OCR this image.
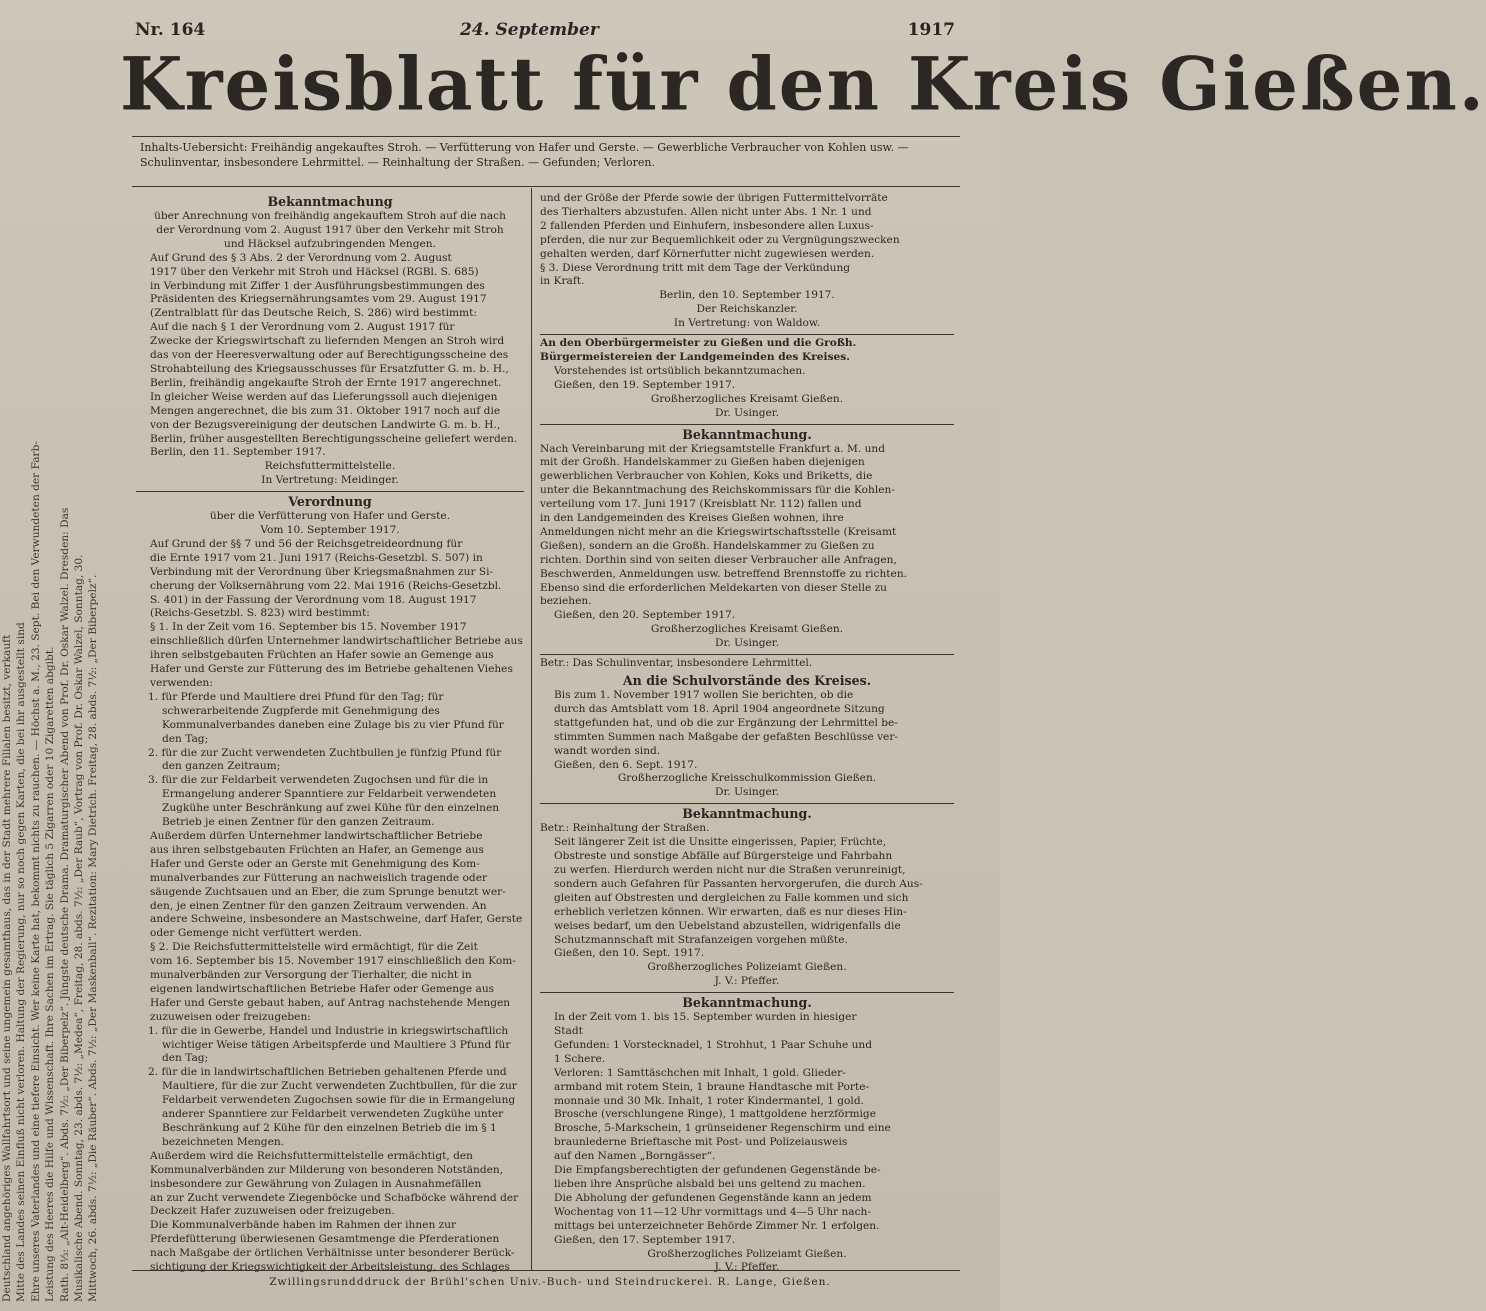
Deutschland angehöriges Wallfahrtsort und seine ungemein gesamthaus, das in der Stadt mehrere Filialen besitzt, verkauft Mitte des Landes seinen Einfluß nicht verloren. Haltung der Regierung, nur so noch gegen Karten, die bei ihr ausgestellt sind Ehre unseres Vaterlandes und eine tiefere Einsicht. Wer keine Karte hat, bekommt nichts zu rauchen. — Höchst a. M., 23. Sept. Bei den Verwundeten der Farb- Leistung des Heeres die Hilfe und Wissenschaft. Ihre Sachen im Ertrag. Sie täglich 5 Zigarren oder 10 Zigaretten abgibt. Rath. 8⅓: „Alt-Heidelberg“. Abds. 7½: „Der Biberpelz“. Jüngste deutsche Drama. Dramaturgischer Abend von Prof. Dr. Oskar Walzel. Dresden: Das Musikalische Abend. Sonntag, 23. abds. 7½: „Medea“, Freitag, 28. abds. 7½: „Der Raub“, Vortrag von Prof. Dr. Oskar Walzel, Sonntag, 30. Mittwoch, 26. abds. 7½: „Die Räuber“. Abds. 7½: „Der Maskenball“. Rezitation: Mary Dietrich. Freitag, 28. abds. 7½: „Der Biberpelz“.

Nr. 164	24. September	1917
Kreisblatt für den Kreis Gießen.
Inhalts-Uebersicht: Freihändig angekauftes Stroh. — Verfütterung von Hafer und Gerste. — Gewerbliche Verbraucher von Kohlen usw. — Schulinventar, insbesondere Lehrmittel. — Reinhaltung der Straßen. — Gefunden; Verloren.

Bekanntmachung

über Anrechnung von freihändig angekauftem Stroh auf die nach

der Verordnung vom 2. August 1917 über den Verkehr mit Stroh

und Häcksel aufzubringenden Mengen.

Auf Grund des § 3 Abs. 2 der Verordnung vom 2. August

1917 über den Verkehr mit Stroh und Häcksel (RGBl. S. 685)

in Verbindung mit Ziffer 1 der Ausführungsbestimmungen des

Präsidenten des Kriegsernährungsamtes vom 29. August 1917

(Zentralblatt für das Deutsche Reich, S. 286) wird bestimmt:

Auf die nach § 1 der Verordnung vom 2. August 1917 für

Zwecke der Kriegswirtschaft zu liefernden Mengen an Stroh wird

das von der Heeresverwaltung oder auf Berechtigungsscheine des

Strohabteilung des Kriegsausschusses für Ersatzfutter G. m. b. H.,

Berlin, freihändig angekaufte Stroh der Ernte 1917 angerechnet.

In gleicher Weise werden auf das Lieferungssoll auch diejenigen

Mengen angerechnet, die bis zum 31. Oktober 1917 noch auf die

von der Bezugsvereinigung der deutschen Landwirte G. m. b. H.,

Berlin, früher ausgestellten Berechtigungsscheine geliefert werden.

Berlin, den 11. September 1917.

Reichsfuttermittelstelle.

In Vertretung: Meidinger.

Verordnung

über die Verfütterung von Hafer und Gerste.

Vom 10. September 1917.

Auf Grund der §§ 7 und 56 der Reichsgetreideordnung für

die Ernte 1917 vom 21. Juni 1917 (Reichs-Gesetzbl. S. 507) in

Verbindung mit der Verordnung über Kriegsmaßnahmen zur Si-

cherung der Volksernährung vom 22. Mai 1916 (Reichs-Gesetzbl.

S. 401) in der Fassung der Verordnung vom 18. August 1917

(Reichs-Gesetzbl. S. 823) wird bestimmt:

§ 1. In der Zeit vom 16. September bis 15. November 1917

einschließlich dürfen Unternehmer landwirtschaftlicher Betriebe aus

ihren selbstgebauten Früchten an Hafer sowie an Gemenge aus

Hafer und Gerste zur Fütterung des im Betriebe gehaltenen Viehes

verwenden:

1. für Pferde und Maultiere drei Pfund für den Tag; für schwerarbeitende Zugpferde mit Genehmigung des Kommunalverbandes daneben eine Zulage bis zu vier Pfund für den Tag;

2. für die zur Zucht verwendeten Zuchtbullen je fünfzig Pfund für den ganzen Zeitraum;

3. für die zur Feldarbeit verwendeten Zugochsen und für die in Ermangelung anderer Spanntiere zur Feldarbeit verwendeten Zugkühe unter Beschränkung auf zwei Kühe für den einzelnen Betrieb je einen Zentner für den ganzen Zeitraum.

Außerdem dürfen Unternehmer landwirtschaftlicher Betriebe

aus ihren selbstgebauten Früchten an Hafer, an Gemenge aus

Hafer und Gerste oder an Gerste mit Genehmigung des Kom-

munalverbandes zur Fütterung an nachweislich tragende oder

säugende Zuchtsauen und an Eber, die zum Sprunge benutzt wer-

den, je einen Zentner für den ganzen Zeitraum verwenden. An

andere Schweine, insbesondere an Mastschweine, darf Hafer, Gerste

oder Gemenge nicht verfüttert werden.

§ 2. Die Reichsfuttermittelstelle wird ermächtigt, für die Zeit

vom 16. September bis 15. November 1917 einschließlich den Kom-

munalverbänden zur Versorgung der Tierhalter, die nicht in

eigenen landwirtschaftlichen Betriebe Hafer oder Gemenge aus

Hafer und Gerste gebaut haben, auf Antrag nachstehende Mengen

zuzuweisen oder freizugeben:

1. für die in Gewerbe, Handel und Industrie in kriegswirtschaftlich wichtiger Weise tätigen Arbeitspferde und Maultiere 3 Pfund für den Tag;

2. für die in landwirtschaftlichen Betrieben gehaltenen Pferde und Maultiere, für die zur Zucht verwendeten Zuchtbullen, für die zur Feldarbeit verwendeten Zugochsen sowie für die in Ermangelung anderer Spanntiere zur Feldarbeit verwendeten Zugkühe unter Beschränkung auf 2 Kühe für den einzelnen Betrieb die im § 1 bezeichneten Mengen.

Außerdem wird die Reichsfuttermittelstelle ermächtigt, den

Kommunalverbänden zur Milderung von besonderen Notständen,

insbesondere zur Gewährung von Zulagen in Ausnahmefällen

an zur Zucht verwendete Ziegenböcke und Schafböcke während der

Deckzeit Hafer zuzuweisen oder freizugeben.

Die Kommunalverbände haben im Rahmen der ihnen zur

Pferdefütterung überwiesenen Gesamtmenge die Pferderationen

nach Maßgabe der örtlichen Verhältnisse unter besonderer Berück-

sichtigung der Kriegswichtigkeit der Arbeitsleistung, des Schlages

und der Größe der Pferde sowie der übrigen Futtermittelvorräte

des Tierhalters abzustufen. Allen nicht unter Abs. 1 Nr. 1 und

2 fallenden Pferden und Einhufern, insbesondere allen Luxus-

pferden, die nur zur Bequemlichkeit oder zu Vergnügungszwecken

gehalten werden, darf Körnerfutter nicht zugewiesen werden.

§ 3. Diese Verordnung tritt mit dem Tage der Verkündung

in Kraft.

Berlin, den 10. September 1917.

Der Reichskanzler.

In Vertretung: von Waldow.

An den Oberbürgermeister zu Gießen und die Großh.

Bürgermeistereien der Landgemeinden des Kreises.

Vorstehendes ist ortsüblich bekanntzumachen.

Gießen, den 19. September 1917.

Großherzogliches Kreisamt Gießen.

Dr. Usinger.

Bekanntmachung.

Nach Vereinbarung mit der Kriegsamtstelle Frankfurt a. M. und

mit der Großh. Handelskammer zu Gießen haben diejenigen

gewerblichen Verbraucher von Kohlen, Koks und Briketts, die

unter die Bekanntmachung des Reichskommissars für die Kohlen-

verteilung vom 17. Juni 1917 (Kreisblatt Nr. 112) fallen und

in den Landgemeinden des Kreises Gießen wohnen, ihre

Anmeldungen nicht mehr an die Kriegswirtschaftsstelle (Kreisamt

Gießen), sondern an die Großh. Handelskammer zu Gießen zu

richten. Dorthin sind von seiten dieser Verbraucher alle Anfragen,

Beschwerden, Anmeldungen usw. betreffend Brennstoffe zu richten.

Ebenso sind die erforderlichen Meldekarten von dieser Stelle zu

beziehen.

Gießen, den 20. September 1917.

Großherzogliches Kreisamt Gießen.

Dr. Usinger.

Betr.: Das Schulinventar, insbesondere Lehrmittel.

An die Schulvorstände des Kreises.

Bis zum 1. November 1917 wollen Sie berichten, ob die

durch das Amtsblatt vom 18. April 1904 angeordnete Sitzung

stattgefunden hat, und ob die zur Ergänzung der Lehrmittel be-

stimmten Summen nach Maßgabe der gefaßten Beschlüsse ver-

wandt worden sind.

Gießen, den 6. Sept. 1917.

Großherzogliche Kreisschulkommission Gießen.

Dr. Usinger.

Bekanntmachung.

Betr.: Reinhaltung der Straßen.

Seit längerer Zeit ist die Unsitte eingerissen, Papier, Früchte,

Obstreste und sonstige Abfälle auf Bürgersteige und Fahrbahn

zu werfen. Hierdurch werden nicht nur die Straßen verunreinigt,

sondern auch Gefahren für Passanten hervorgerufen, die durch Aus-

gleiten auf Obstresten und dergleichen zu Falle kommen und sich

erheblich verletzen können. Wir erwarten, daß es nur dieses Hin-

weises bedarf, um den Uebelstand abzustellen, widrigenfalls die

Schutzmannschaft mit Strafanzeigen vorgehen müßte.

Gießen, den 10. Sept. 1917.

Großherzogliches Polizeiamt Gießen.

J. V.: Pfeffer.

Bekanntmachung.

In der Zeit vom 1. bis 15. September wurden in hiesiger

Stadt

Gefunden: 1 Vorstecknadel, 1 Strohhut, 1 Paar Schuhe und

1 Schere.

Verloren: 1 Samttäschchen mit Inhalt, 1 gold. Glieder-

armband mit rotem Stein, 1 braune Handtasche mit Porte-

monnaie und 30 Mk. Inhalt, 1 roter Kindermantel, 1 gold.

Brosche (verschlungene Ringe), 1 mattgoldene herzförmige

Brosche, 5-Markschein, 1 grünseidener Regenschirm und eine

braunlederne Brieftasche mit Post- und Polizeiausweis

auf den Namen „Borngässer“.

Die Empfangsberechtigten der gefundenen Gegenstände be-

lieben ihre Ansprüche alsbald bei uns geltend zu machen.

Die Abholung der gefundenen Gegenstände kann an jedem

Wochentag von 11—12 Uhr vormittags und 4—5 Uhr nach-

mittags bei unterzeichneter Behörde Zimmer Nr. 1 erfolgen.

Gießen, den 17. September 1917.

Großherzogliches Polizeiamt Gießen.

J. V.: Pfeffer.

Zwillingsrundddruck der Brühl'schen Univ.-Buch- und Steindruckerei. R. Lange, Gießen.
